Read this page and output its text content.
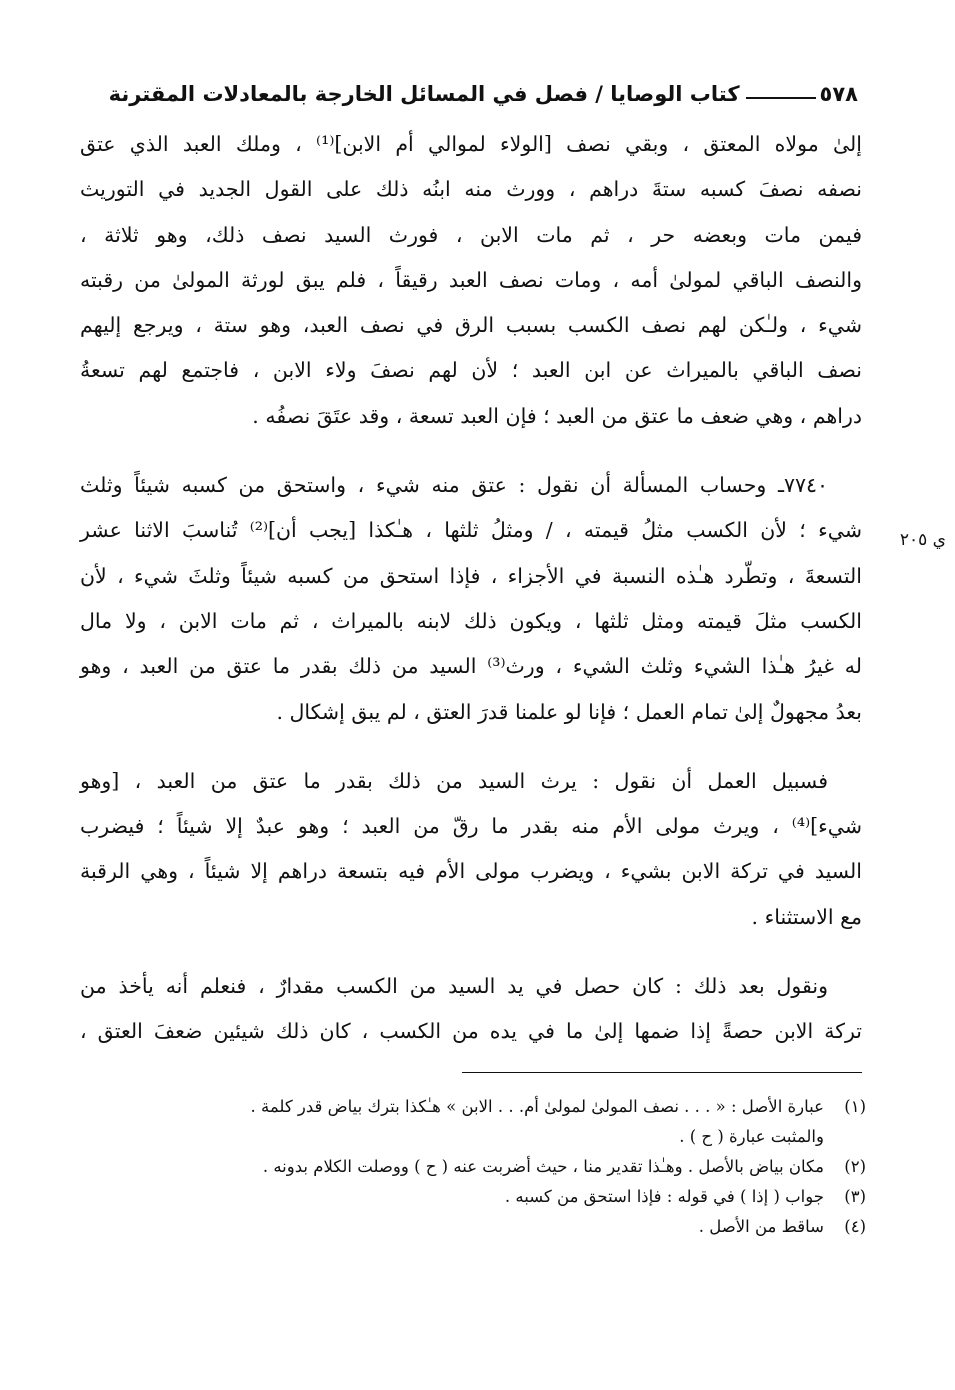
٥٧٨
كتاب الوصايا / فصل في المسائل الخارجة بالمعادلات المقترنة
ي ٢٠٥

إلىٰ مولاه المعتق ، وبقي نصف [الولاء لموالي أم الابن]⁽¹⁾ ، وملك العبد الذي عتق
نصفه نصفَ كسبه ستةَ دراهم ، وورث منه ابنُه ذلك على القول الجديد في التوريث
فيمن مات وبعضه حر ، ثم مات الابن ، فورث السيد نصف ذلك، وهو ثلاثة ،
والنصف الباقي لمولىٰ أمه ، ومات نصف العبد رقيقاً ، فلم يبق لورثة المولىٰ من رقبته
شيء ، ولـٰكن لهم نصف الكسب بسبب الرق في نصف العبد، وهو ستة ، ويرجع إليهم
نصف الباقي بالميراث عن ابن العبد ؛ لأن لهم نصفَ ولاء الابن ، فاجتمع لهم تسعةُ
دراهم ، وهي ضعف ما عتق من العبد ؛ فإن العبد تسعة ، وقد عتَقَ نصفُه .

٧٧٤٠ـ وحساب المسألة أن نقول : عتق منه شيء ، واستحق من كسبه شيئاً وثلث
شيء ؛ لأن الكسب مثلُ قيمته ، / ومثلُ ثلثها ، هـٰكذا [يجب أن]⁽²⁾ تُناسبَ الاثنا عشر
التسعةَ ، وتطّرد هـٰذه النسبة في الأجزاء ، فإذا استحق من كسبه شيئاً وثلثَ شيء ، لأن
الكسب مثلَ قيمته ومثل ثلثها ، ويكون ذلك لابنه بالميراث ، ثم مات الابن ، ولا مال
له غيرُ هـٰذا الشيء وثلث الشيء ، ورث⁽³⁾ السيد من ذلك بقدر ما عتق من العبد ، وهو
بعدُ مجهولٌ إلىٰ تمام العمل ؛ فإنا لو علمنا قدرَ العتق ، لم يبق إشكال .

فسبيل العمل أن نقول : يرث السيد من ذلك بقدر ما عتق من العبد ، [وهو
شيء]⁽⁴⁾ ، ويرث مولى الأم منه بقدر ما رقّ من العبد ؛ وهو عبدٌ إلا شيئاً ؛ فيضرب
السيد في تركة الابن بشيء ، ويضرب مولى الأم فيه بتسعة دراهم إلا شيئاً ، وهي الرقبة
مع الاستثناء .

ونقول بعد ذلك : كان حصل في يد السيد من الكسب مقدارٌ ، فنعلم أنه يأخذ من
تركة الابن حصةً إذا ضمها إلىٰ ما في يده من الكسب ، كان ذلك شيئين ضعفَ العتق ،

(١)
عبارة الأصل : « . . . نصف المولىٰ لمولىٰ أم. . . الابن » هـٰكذا بترك بياض قدر كلمة .
والمثبت عبارة ( ح ) .
(٢)
مكان بياض بالأصل . وهـٰذا تقدير منا ، حيث أضربت عنه ( ح ) ووصلت الكلام بدونه .
(٣)
جواب ( إذا ) في قوله : فإذا استحق من كسبه .
(٤)
ساقط من الأصل .
